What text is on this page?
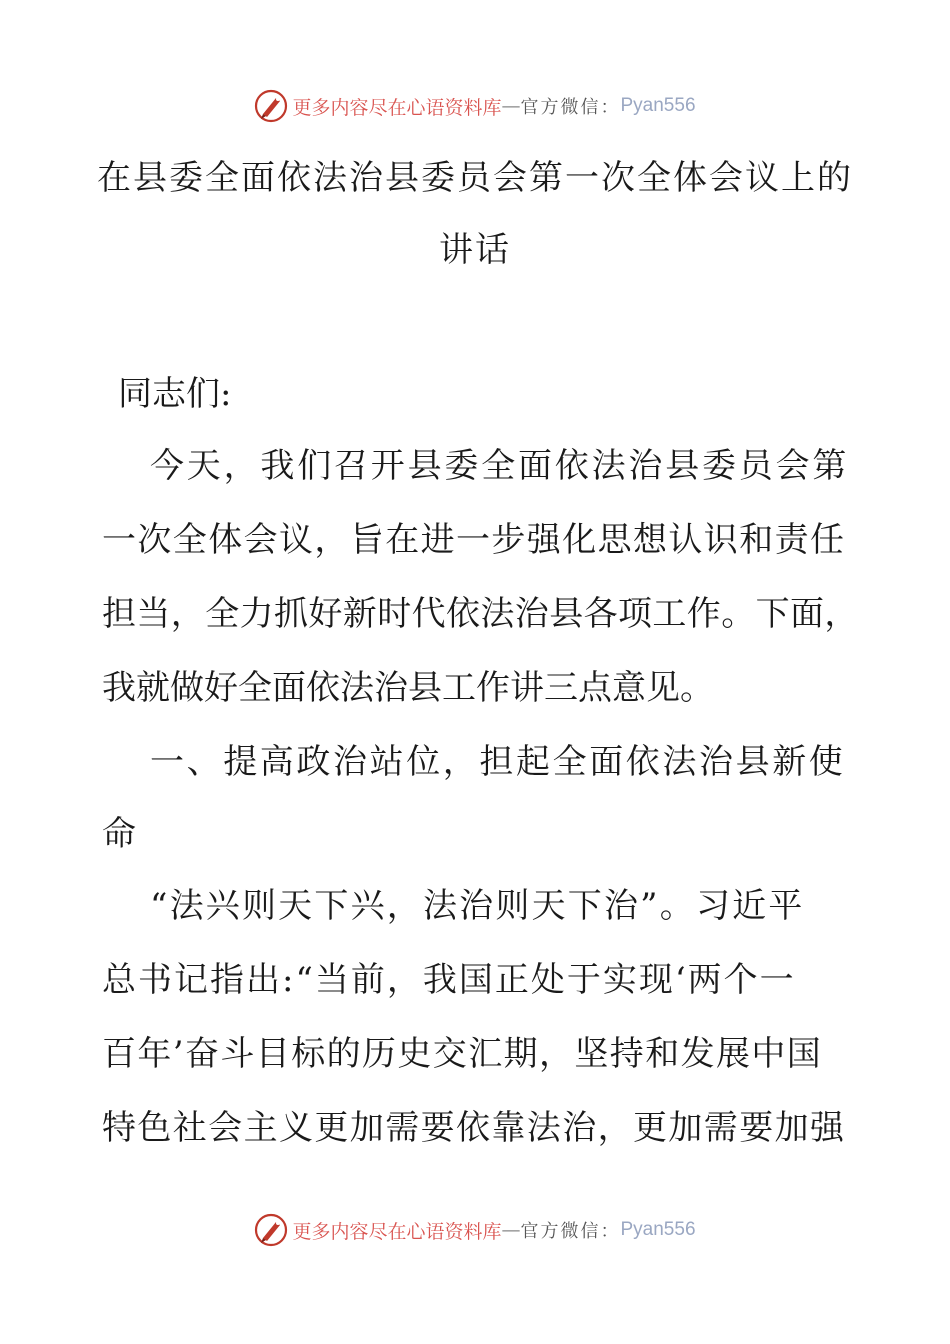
更多内容尽在心语资料库 — 官方微信： Pyan556
在县委全面依法治县委员会第一次全体会议上的
讲话
同志们:
今天，我们召开县委全面依法治县委员会第
一次全体会议，旨在进一步强化思想认识和责任
担当，全力抓好新时代依法治县各项工作。下面，
我就做好全面依法治县工作讲三点意见。
一、提高政治站位，担起全面依法治县新使
命
“法兴则天下兴，法治则天下治”。习近平
总书记指出:“当前，我国正处于实现‘两个一
百年’奋斗目标的历史交汇期，坚持和发展中国
特色社会主义更加需要依靠法治，更加需要加强
更多内容尽在心语资料库 — 官方微信： Pyan556
